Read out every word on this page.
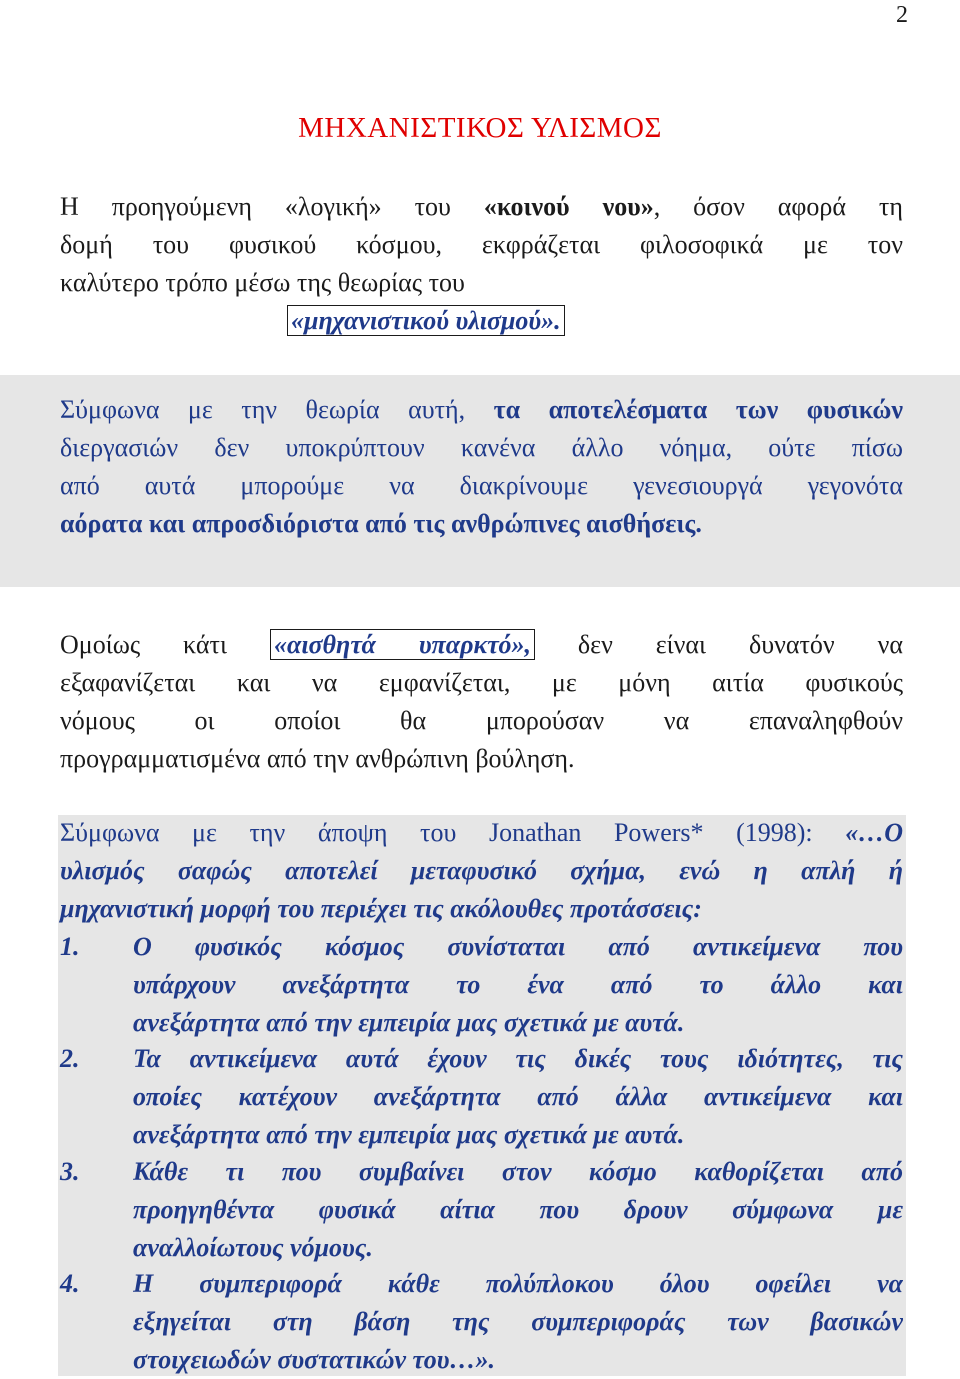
2
ΜΗΧΑΝΙΣΤΙΚΟΣ ΥΛΙΣΜΟΣ
Η προηγούμενη «λογική» του «κοινού νου», όσον αφορά τη
δομή του φυσικού κόσμου, εκφράζεται φιλοσοφικά με τον
καλύτερο τρόπο μέσω της θεωρίας του
«μηχανιστικού υλισμού».
Σύμφωνα με την θεωρία αυτή, τα αποτελέσματα των φυσικών
διεργασιών δεν υποκρύπτουν κανένα άλλο νόημα, ούτε πίσω
από αυτά μπορούμε να διακρίνουμε γενεσιουργά γεγονότα
αόρατα και απροσδιόριστα από τις ανθρώπινες αισθήσεις.
Ομοίως κάτι «αισθητά υπαρκτό», δεν είναι δυνατόν να
εξαφανίζεται και να εμφανίζεται, με μόνη αιτία φυσικούς
νόμους οι οποίοι θα μπορούσαν να επαναληφθούν
προγραμματισμένα από την ανθρώπινη βούληση.
Σύμφωνα με την άποψη του Jonathan Powers* (1998): «…Ο
υλισμός σαφώς αποτελεί μεταφυσικό σχήμα, ενώ η απλή ή
μηχανιστική μορφή του περιέχει τις ακόλουθες προτάσσεις:
1. Ο φυσικός κόσμος συνίσταται από αντικείμενα που
υπάρχουν ανεξάρτητα το ένα από το άλλο και
ανεξάρτητα από την εμπειρία μας σχετικά με αυτά.
2. Τα αντικείμενα αυτά έχουν τις δικές τους ιδιότητες, τις
οποίες κατέχουν ανεξάρτητα από άλλα αντικείμενα και
ανεξάρτητα από την εμπειρία μας σχετικά με αυτά.
3. Κάθε τι που συμβαίνει στον κόσμο καθορίζεται από
προηγηθέντα φυσικά αίτια που δρουν σύμφωνα με
αναλλοίωτους νόμους.
4. Η συμπεριφορά κάθε πολύπλοκου όλου οφείλει να
εξηγείται στη βάση της συμπεριφοράς των βασικών
στοιχειωδών συστατικών του…».
